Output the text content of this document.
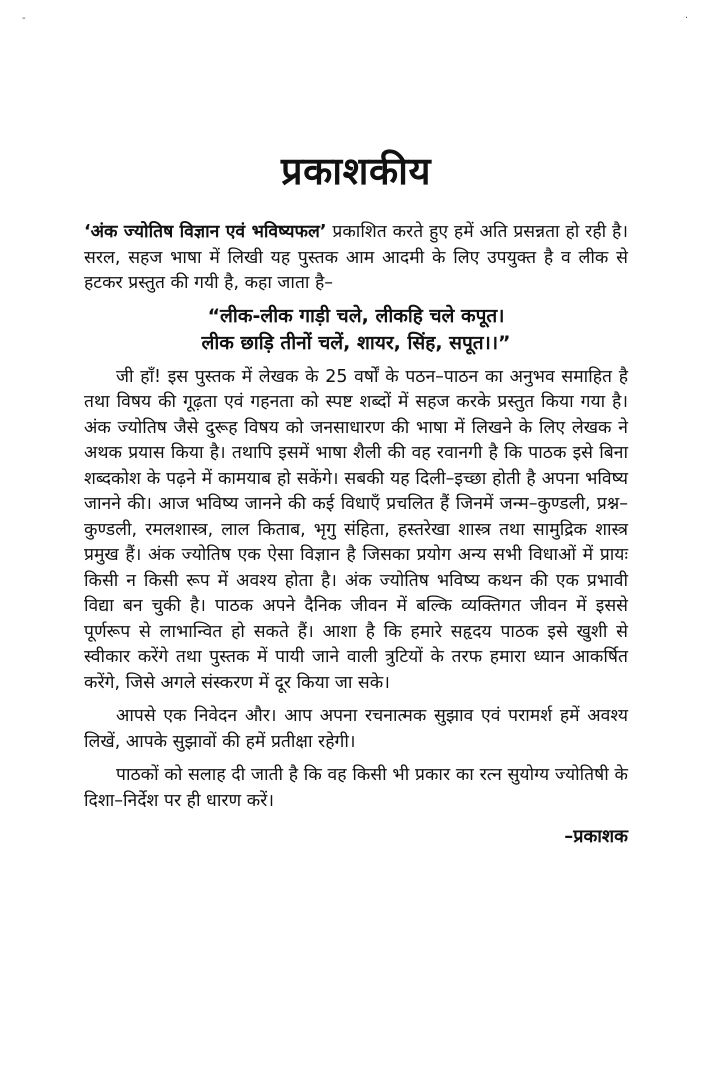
-	·
प्रकाशकीय

‘अंक ज्योतिष विज्ञान एवं भविष्यफल’ प्रकाशित करते हुए हमें अति प्रसन्नता हो रही है। सरल, सहज भाषा में लिखी यह पुस्तक आम आदमी के लिए उपयुक्त है व लीक से हटकर प्रस्तुत की गयी है, कहा जाता है–

“लीक-लीक गाड़ी चले, लीकहि चले कपूत।
लीक छाड़ि तीनों चलें, शायर, सिंह, सपूत।।”

जी हाँ! इस पुस्तक में लेखक के 25 वर्षों के पठन–पाठन का अनुभव समाहित है तथा विषय की गूढ़ता एवं गहनता को स्पष्ट शब्दों में सहज करके प्रस्तुत किया गया है। अंक ज्योतिष जैसे दुरूह विषय को जनसाधारण की भाषा में लिखने के लिए लेखक ने अथक प्रयास किया है। तथापि इसमें भाषा शैली की वह रवानगी है कि पाठक इसे बिना शब्दकोश के पढ़ने में कामयाब हो सकेंगे। सबकी यह दिली–इच्छा होती है अपना भविष्य जानने की। आज भविष्य जानने की कई विधाएँ प्रचलित हैं जिनमें जन्म–कुण्डली, प्रश्न–कुण्डली, रमलशास्त्र, लाल किताब, भृगु संहिता, हस्तरेखा शास्त्र तथा सामुद्रिक शास्त्र प्रमुख हैं। अंक ज्योतिष एक ऐसा विज्ञान है जिसका प्रयोग अन्य सभी विधाओं में प्रायः किसी न किसी रूप में अवश्य होता है। अंक ज्योतिष भविष्य कथन की एक प्रभावी विद्या बन चुकी है। पाठक अपने दैनिक जीवन में बल्कि व्यक्तिगत जीवन में इससे पूर्णरूप से लाभान्वित हो सकते हैं। आशा है कि हमारे सहृदय पाठक इसे खुशी से स्वीकार करेंगे तथा पुस्तक में पायी जाने वाली त्रुटियों के तरफ हमारा ध्यान आकर्षित करेंगे, जिसे अगले संस्करण में दूर किया जा सके।

आपसे एक निवेदन और। आप अपना रचनात्मक सुझाव एवं परामर्श हमें अवश्य लिखें, आपके सुझावों की हमें प्रतीक्षा रहेगी।

पाठकों को सलाह दी जाती है कि वह किसी भी प्रकार का रत्न सुयोग्य ज्योतिषी के दिशा–निर्देश पर ही धारण करें।

–प्रकाशक
